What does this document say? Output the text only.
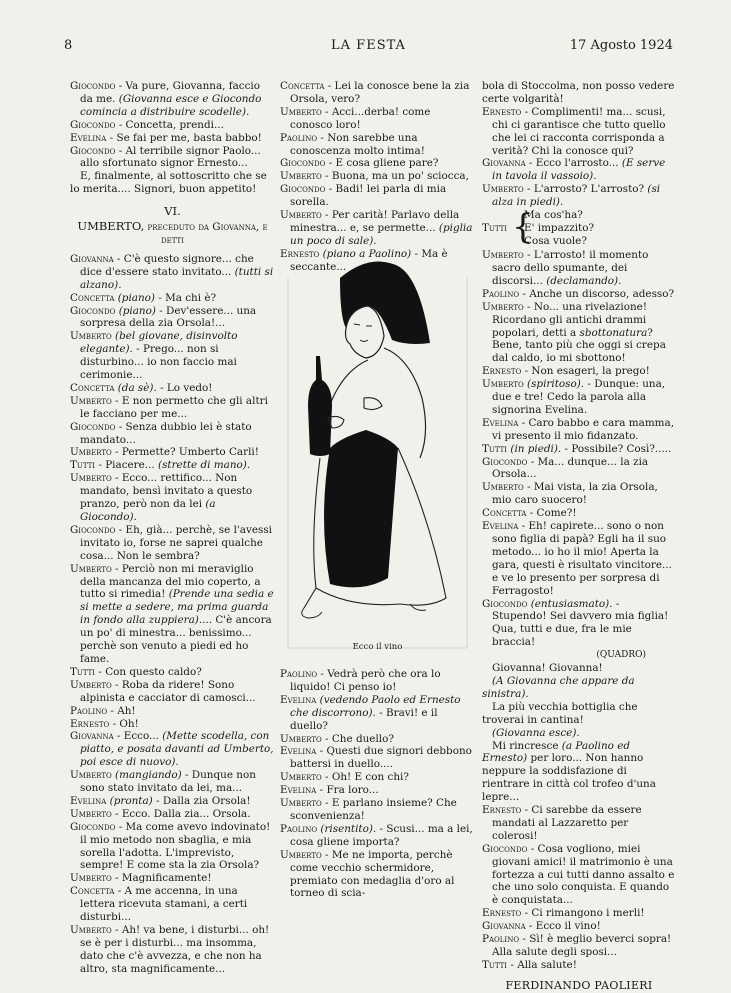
8	LA FESTA	17 Agosto 1924

Giocondo - Va pure, Giovanna, faccio da me. (Giovanna esce e Giocondo comincia a distribuire scodelle).

Giocondo - Concetta, prendi...

Evelina - Se fai per me, basta babbo!

Giocondo - Al terribile signor Paolo... allo sfortunato signor Ernesto...

E, finalmente, al sottoscritto che se lo merita.... Signori, buon appetito!

VI.
UMBERTO, preceduto da Giovanna, e detti

Giovanna - C'è questo signore... che dice d'essere stato invitato... (tutti si alzano).

Concetta (piano) - Ma chi è?

Giocondo (piano) - Dev'essere... una sorpresa della zia Orsola!...

Umberto (bel giovane, disinvolto elegante). - Prego... non si disturbino... io non faccio mai cerimonie...

Concetta (da sè). - Lo vedo!

Umberto - E non permetto che gli altri le facciano per me...

Giocondo - Senza dubbio lei è stato mandato...

Umberto - Permette? Umberto Carli!

Tutti - Piacere... (strette di mano).

Umberto - Ecco... rettifico... Non mandato, bensì invitato a questo pranzo, però non da lei (a Giocondo).

Giocondo - Eh, già... perchè, se l'avessi invitato io, forse ne saprei qualche cosa... Non le sembra?

Umberto - Perciò non mi meraviglio della mancanza del mio coperto, a tutto si rimedia! (Prende una sedia e si mette a sedere, ma prima guarda in fondo alla zuppiera).... C'è ancora un po' di minestra... benissimo... perchè son venuto a piedi ed ho fame.

Tutti - Con questo caldo?

Umberto - Roba da ridere! Sono alpinista e cacciator di camosci...

Paolino - Ah!

Ernesto - Oh!

Giovanna - Ecco... (Mette scodella, con piatto, e posata davanti ad Umberto, poi esce di nuovo).

Umberto (mangiando) - Dunque non sono stato invitato da lei, ma...

Evelina (pronta) - Dalla zia Orsola!

Umberto - Ecco. Dalla zia... Orsola.

Giocondo - Ma come avevo indovinato! il mio metodo non sbaglia, e mia sorella l'adotta. L'imprevisto, sempre! E come sta la zia Orsola?

Umberto - Magnificamente!

Concetta - A me accenna, in una lettera ricevuta stamani, a certi disturbi...

Umberto - Ah! va bene, i disturbi... oh! se è per i disturbi... ma insomma, dato che c'è avvezza, e che non ha altro, sta magnificamente...

Concetta - Lei la conosce bene la zia Orsola, vero?

Umberto - Acci...derba! come conosco loro!

Paolino - Non sarebbe una conoscenza molto intima!

Giocondo - E cosa gliene pare?

Umberto - Buona, ma un po' sciocca,

Giocondo - Badi! lei parla di mia sorella.

Umberto - Per carità! Parlavo della minestra... e, se permette... (piglia un poco di sale).

Ernesto (piano a Paolino) - Ma è seccante...

Ecco il vino

Paolino - Vedrà però che ora lo liquido! Ci penso io!

Evelina (vedendo Paolo ed Ernesto che discorrono). - Bravi! e il duello?

Umberto - Che duello?

Evelina - Questi due signori debbono battersi in duello....

Umberto - Oh! E con chi?

Evelina - Fra loro...

Umberto - E parlano insieme? Che sconvenienza!

Paolino (risentito). - Scusi... ma a lei, cosa gliene importa?

Umberto - Me ne importa, perchè come vecchio schermidore, premiato con medaglia d'oro al torneo di scia-

bola di Stoccolma, non posso vedere certe volgarità!

Ernesto - Complimenti! ma... scusi, chi ci garantisce che tutto quello che lei ci racconta corrisponda a verità? Chi la conosce qui?

Giovanna - Ecco l'arrosto... (E serve in tavola il vassoio).

Umberto - L'arrosto? L'arrosto? (si alza in piedi).

Tutti {
Ma cos'ha?
E' impazzito?
Cosa vuole?

Umberto - L'arrosto! il momento sacro dello spumante, dei discorsi... (declamando).

Paolino - Anche un discorso, adesso?

Umberto - No... una rivelazione! Ricordano gli antichi drammi popolari, detti a sbottonatura? Bene, tanto più che oggi si crepa dal caldo, io mi sbottono!

Ernesto - Non esageri, la prego!

Umberto (spiritoso). - Dunque: una, due e tre! Cedo la parola alla signorina Evelina.

Evelina - Caro babbo e cara mamma, vi presento il mio fidanzato.

Tutti (in piedi). - Possibile? Così?.....

Giocondo - Ma... dunque... la zia Orsola...

Umberto - Mai vista, la zia Orsola, mio caro suocero!

Concetta - Come?!

Evelina - Eh! capirete... sono o non sono figlia di papà? Egli ha il suo metodo... io ho il mio! Aperta la gara, questi è risultato vincitore... e ve lo presento per sorpresa di Ferragosto!

Giocondo (entusiasmato). - Stupendo! Sei davvero mia figlia! Qua, tutti e due, fra le mie braccia!

(QUADRO)

Giovanna! Giovanna!

(A Giovanna che appare da sinistra).

La più vecchia bottiglia che troverai in cantina!

(Giovanna esce).

Mi rincresce (a Paolino ed Ernesto) per loro... Non hanno neppure la soddisfazione di rientrare in città col trofeo d'una lepre...

Ernesto - Ci sarebbe da essere mandati al Lazzaretto per colerosi!

Giocondo - Cosa vogliono, miei giovani amici! il matrimonio è una fortezza a cui tutti danno assalto e che uno solo conquista. E quando è conquistata...

Ernesto - Ci rimangono i merli!

Giovanna - Ecco il vino!

Paolino - Sì! è meglio beverci sopra! Alla salute degli sposi...

Tutti - Alla salute!

FERDINANDO PAOLIERI
